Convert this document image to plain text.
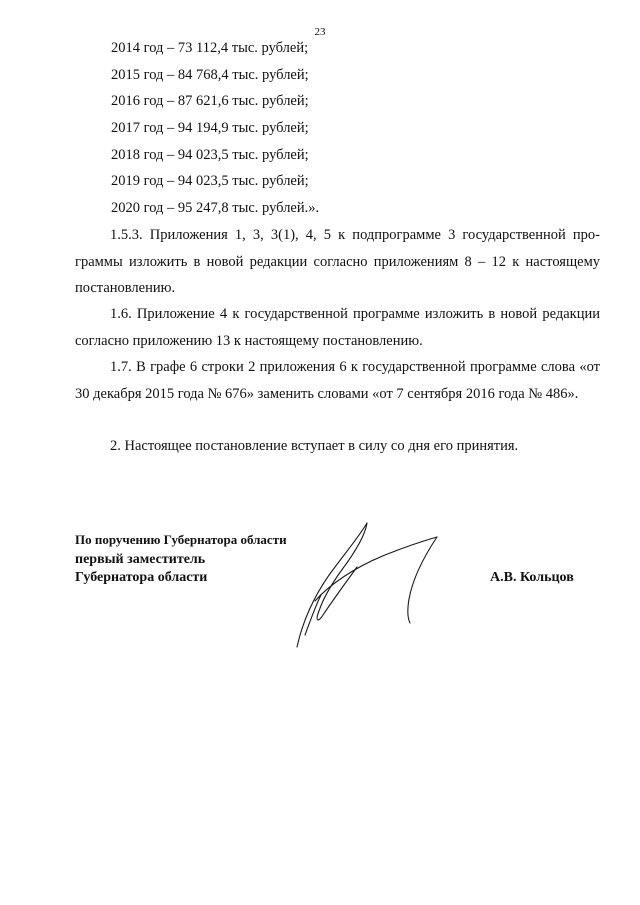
23
2014 год – 73 112,4 тыс. рублей;
2015 год – 84 768,4 тыс. рублей;
2016 год – 87 621,6 тыс. рублей;
2017 год – 94 194,9 тыс. рублей;
2018 год – 94 023,5 тыс. рублей;
2019 год – 94 023,5 тыс. рублей;
2020 год – 95 247,8 тыс. рублей.».

1.5.3. Приложения 1, 3, 3(1), 4, 5 к подпрограмме 3 государственной программы изложить в новой редакции согласно приложениям 8 – 12 к настоящему постановлению.

1.6. Приложение 4 к государственной программе изложить в новой редакции согласно приложению 13 к настоящему постановлению.

1.7. В графе 6 строки 2 приложения 6 к государственной программе слова «от 30 декабря 2015 года № 676» заменить словами «от 7 сентября 2016 года № 486».

2. Настоящее постановление вступает в силу со дня его принятия.

По поручению Губернатора области
первый заместитель
Губернатора области	А.В. Кольцов
